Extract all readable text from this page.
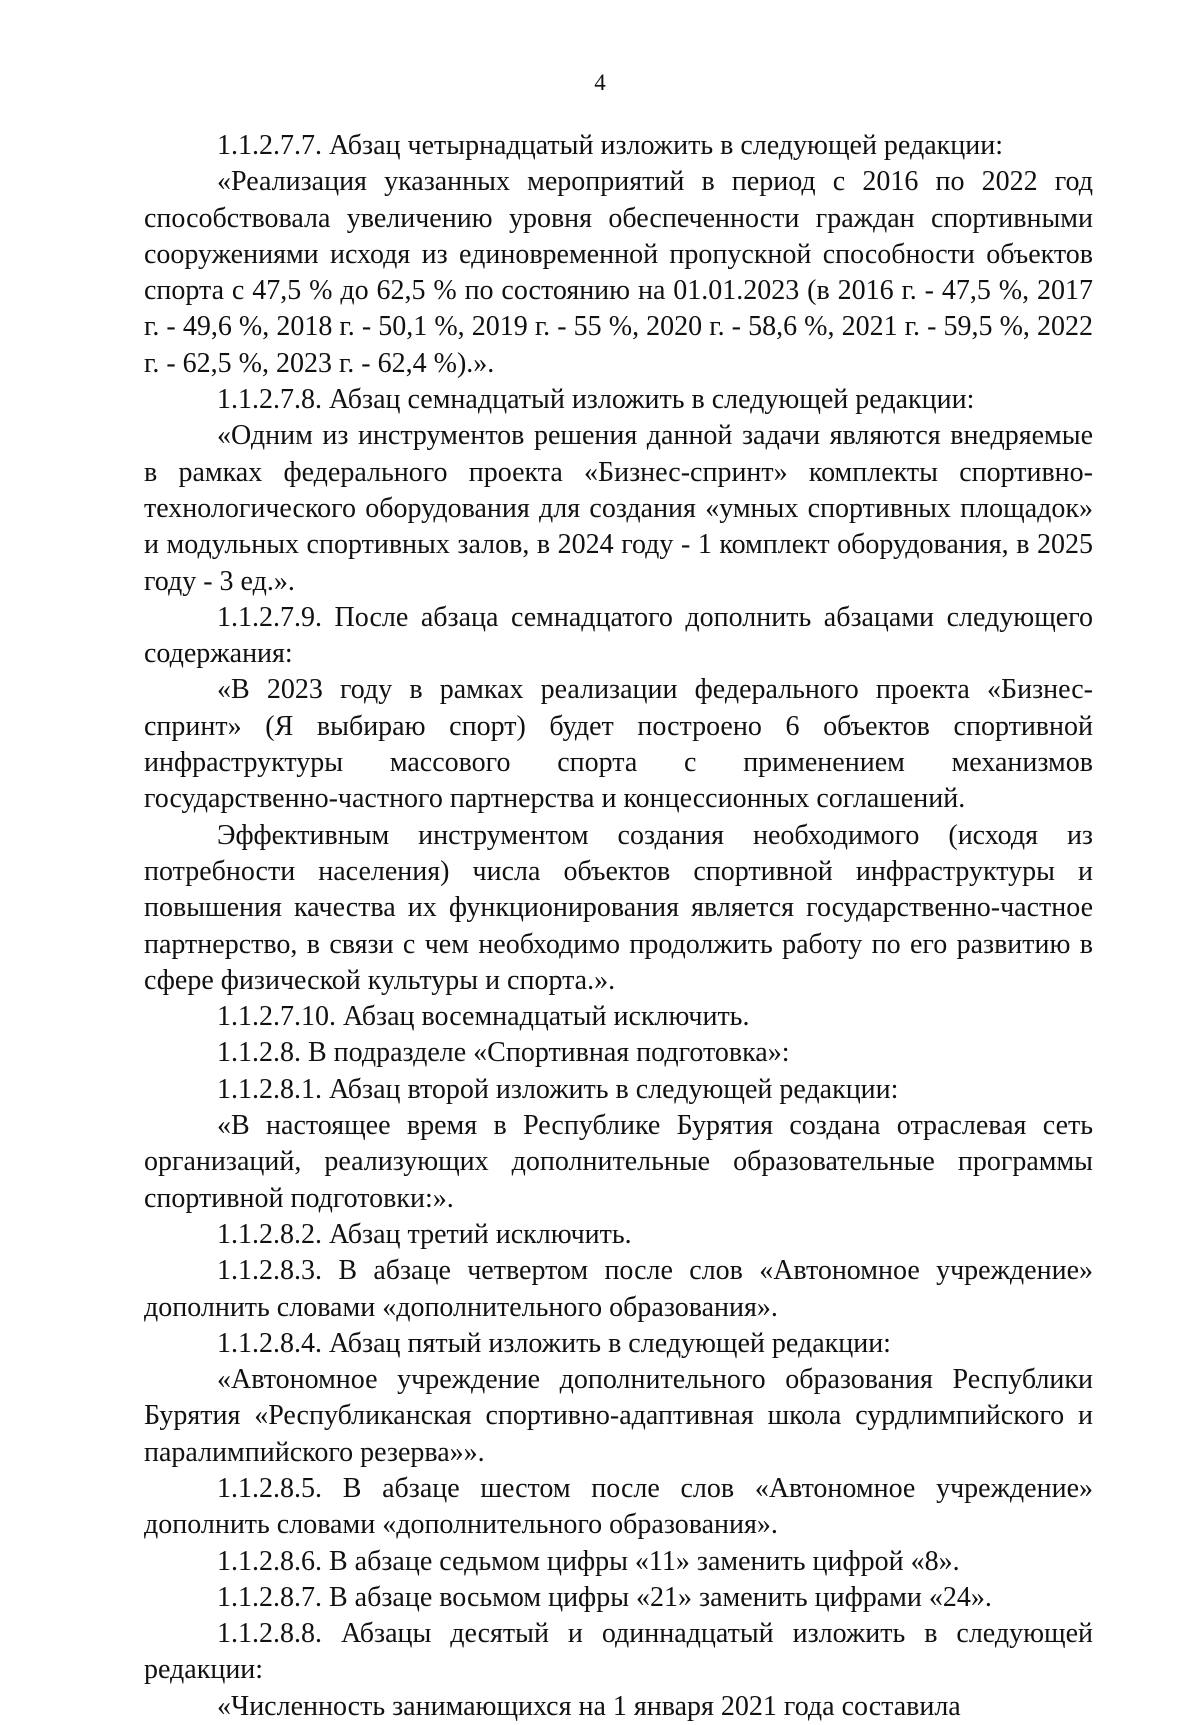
4

1.1.2.7.7. Абзац четырнадцатый изложить в следующей редакции:

«Реализация указанных мероприятий в период с 2016 по 2022 год способствовала увеличению уровня обеспеченности граждан спортивными сооружениями исходя из единовременной пропускной способности объектов спорта с 47,5 % до 62,5 % по состоянию на 01.01.2023 (в 2016 г. - 47,5 %, 2017 г. - 49,6 %, 2018 г. - 50,1 %, 2019 г. - 55 %, 2020 г. - 58,6 %, 2021 г. - 59,5 %, 2022 г. - 62,5 %, 2023 г. - 62,4 %).».

1.1.2.7.8. Абзац семнадцатый изложить в следующей редакции:

«Одним из инструментов решения данной задачи являются внедряемые в рамках федерального проекта «Бизнес-спринт» комплекты спортивно-технологического оборудования для создания «умных спортивных площадок» и модульных спортивных залов, в 2024 году - 1 комплект оборудования, в 2025 году - 3 ед.».

1.1.2.7.9. После абзаца семнадцатого дополнить абзацами следующего содержания:

«В 2023 году в рамках реализации федерального проекта «Бизнес-спринт» (Я выбираю спорт) будет построено 6 объектов спортивной инфраструктуры массового спорта с применением механизмов государственно-частного партнерства и концессионных соглашений.

Эффективным инструментом создания необходимого (исходя из потребности населения) числа объектов спортивной инфраструктуры и повышения качества их функционирования является государственно-частное партнерство, в связи с чем необходимо продолжить работу по его развитию в сфере физической культуры и спорта.».

1.1.2.7.10. Абзац восемнадцатый исключить.

1.1.2.8. В подразделе «Спортивная подготовка»:

1.1.2.8.1. Абзац второй изложить в следующей редакции:

«В настоящее время в Республике Бурятия создана отраслевая сеть организаций, реализующих дополнительные образовательные программы спортивной подготовки:».

1.1.2.8.2. Абзац третий исключить.

1.1.2.8.3. В абзаце четвертом после слов «Автономное учреждение» дополнить словами «дополнительного образования».

1.1.2.8.4. Абзац пятый изложить в следующей редакции:

«Автономное учреждение дополнительного образования Республики Бурятия «Республиканская спортивно-адаптивная школа сурдлимпийского и паралимпийского резерва»».

1.1.2.8.5. В абзаце шестом после слов «Автономное учреждение» дополнить словами «дополнительного образования».

1.1.2.8.6. В абзаце седьмом цифры «11» заменить цифрой «8».

1.1.2.8.7. В абзаце восьмом цифры «21» заменить цифрами «24».

1.1.2.8.8. Абзацы десятый и одиннадцатый изложить в следующей редакции:

«Численность занимающихся на 1 января 2021 года составила
